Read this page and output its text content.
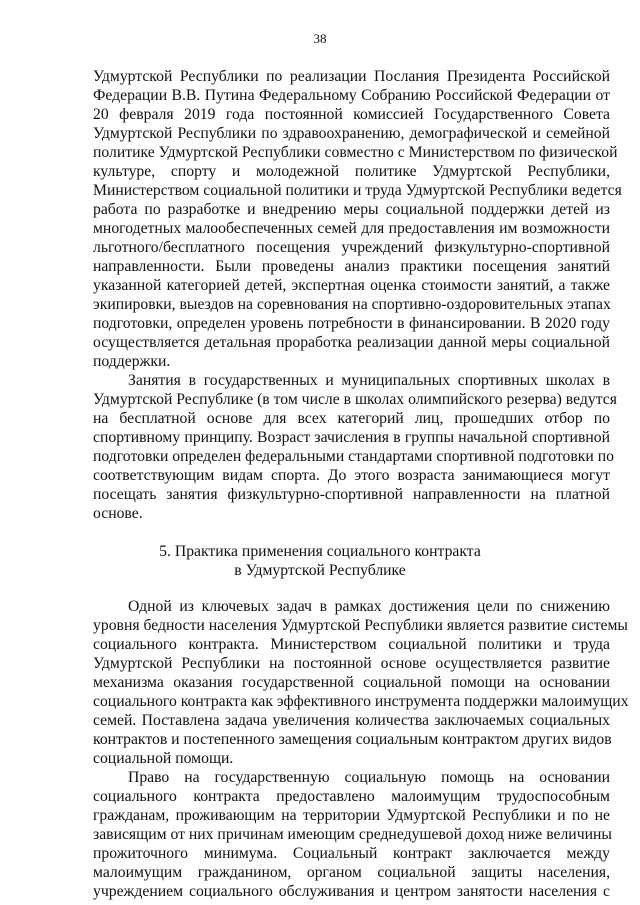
38
Удмуртской Республики по реализации Послания Президента Российской
Федерации В.В. Путина Федеральному Собранию Российской Федерации от
20 февраля 2019 года постоянной комиссией Государственного Совета
Удмуртской Республики по здравоохранению, демографической и семейной
политике Удмуртской Республики совместно с Министерством по физической
культуре, спорту и молодежной политике Удмуртской Республики,
Министерством социальной политики и труда Удмуртской Республики ведется
работа по разработке и внедрению меры социальной поддержки детей из
многодетных малообеспеченных семей для предоставления им возможности
льготного/бесплатного посещения учреждений физкультурно-спортивной
направленности. Были проведены анализ практики посещения занятий
указанной категорией детей, экспертная оценка стоимости занятий, а также
экипировки, выездов на соревнования на спортивно-оздоровительных этапах
подготовки, определен уровень потребности в финансировании. В 2020 году
осуществляется детальная проработка реализации данной меры социальной
поддержки.
Занятия в государственных и муниципальных спортивных школах в
Удмуртской Республике (в том числе в школах олимпийского резерва) ведутся
на бесплатной основе для всех категорий лиц, прошедших отбор по
спортивному принципу. Возраст зачисления в группы начальной спортивной
подготовки определен федеральными стандартами спортивной подготовки по
соответствующим видам спорта. До этого возраста занимающиеся могут
посещать занятия физкультурно-спортивной направленности на платной
основе.
5. Практика применения социального контракта
в Удмуртской Республике
Одной из ключевых задач в рамках достижения цели по снижению
уровня бедности населения Удмуртской Республики является развитие системы
социального контракта. Министерством социальной политики и труда
Удмуртской Республики на постоянной основе осуществляется развитие
механизма оказания государственной социальной помощи на основании
социального контракта как эффективного инструмента поддержки малоимущих
семей. Поставлена задача увеличения количества заключаемых социальных
контрактов и постепенного замещения социальным контрактом других видов
социальной помощи.
Право на государственную социальную помощь на основании
социального контракта предоставлено малоимущим трудоспособным
гражданам, проживающим на территории Удмуртской Республики и по не
зависящим от них причинам имеющим среднедушевой доход ниже величины
прожиточного минимума. Социальный контракт заключается между
малоимущим гражданином, органом социальной защиты населения,
учреждением социального обслуживания и центром занятости населения с
